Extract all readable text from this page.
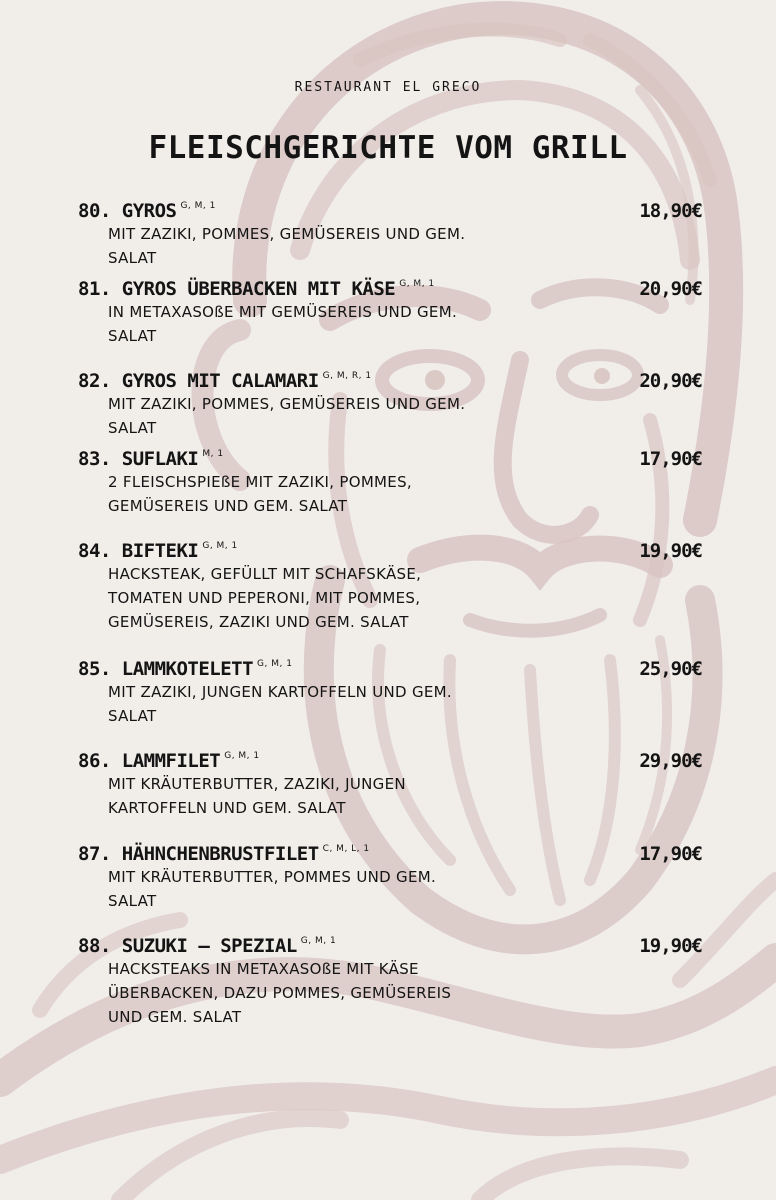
RESTAURANT EL GRECO
FLEISCHGERICHTE VOM GRILL
80. GYROS $^{G, M, 1}$	18,90€
MIT ZAZIKI, POMMES, GEMÜSEREIS UND GEM. SALAT
81. GYROS ÜBERBACKEN MIT KÄSE $^{G, M, 1}$	20,90€
IN METAXASOßE MIT GEMÜSEREIS UND GEM. SALAT
82. GYROS MIT CALAMARI $^{G, M, R, 1}$	20,90€
MIT ZAZIKI, POMMES, GEMÜSEREIS UND GEM. SALAT
83. SUFLAKI $^{M, 1}$	17,90€
2 FLEISCHSPIEßE MIT ZAZIKI, POMMES, GEMÜSEREIS UND GEM. SALAT
84. BIFTEKI $^{G, M, 1}$	19,90€
HACKSTEAK, GEFÜLLT MIT SCHAFSKÄSE, TOMATEN UND PEPERONI, MIT POMMES, GEMÜSEREIS, ZAZIKI UND GEM. SALAT
85. LAMMKOTELETT $^{G, M, 1}$	25,90€
MIT ZAZIKI, JUNGEN KARTOFFELN UND GEM. SALAT
86. LAMMFILET $^{G, M, 1}$	29,90€
MIT KRÄUTERBUTTER, ZAZIKI, JUNGEN KARTOFFELN UND GEM. SALAT
87. HÄHNCHENBRUSTFILET $^{C, M, L, 1}$	17,90€
MIT KRÄUTERBUTTER, POMMES UND GEM. SALAT
88. SUZUKI – SPEZIAL $^{G, M, 1}$	19,90€
HACKSTEAKS IN METAXASOßE MIT KÄSE ÜBERBACKEN, DAZU POMMES, GEMÜSEREIS UND GEM. SALAT
